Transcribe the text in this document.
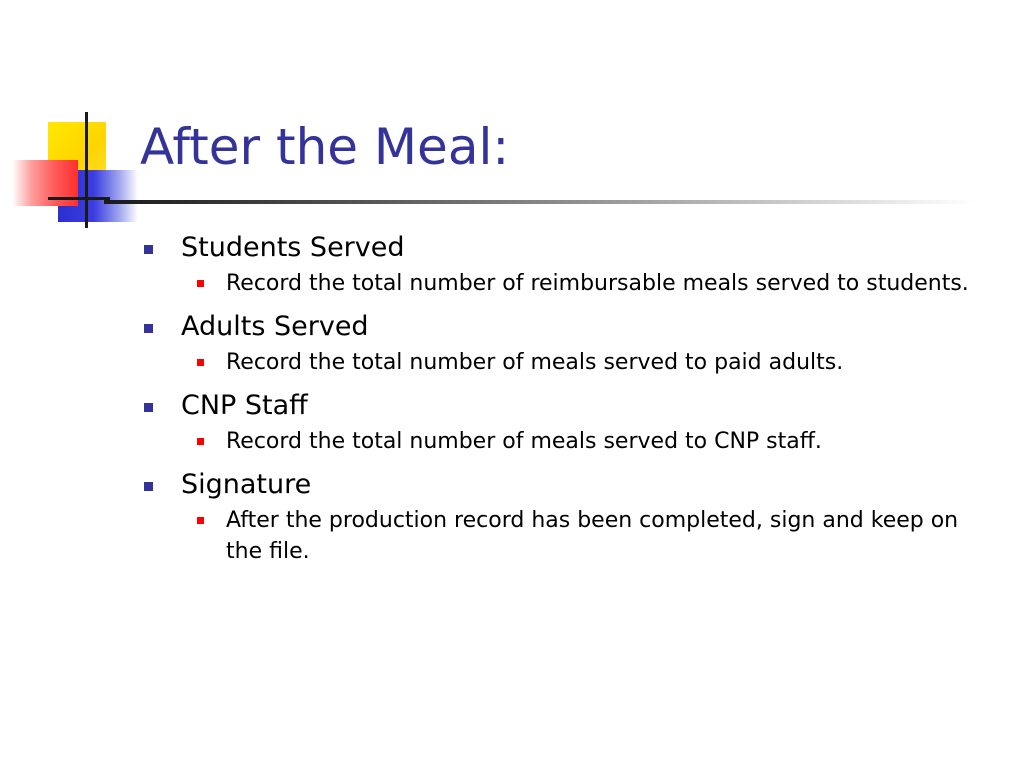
After the Meal:
Students Served
Record the total number of reimbursable meals served to students.
Adults Served
Record the total number of meals served to paid adults.
CNP Staff
Record the total number of meals served to CNP staff.
Signature
After the production record has been completed, sign and keep on the file.
